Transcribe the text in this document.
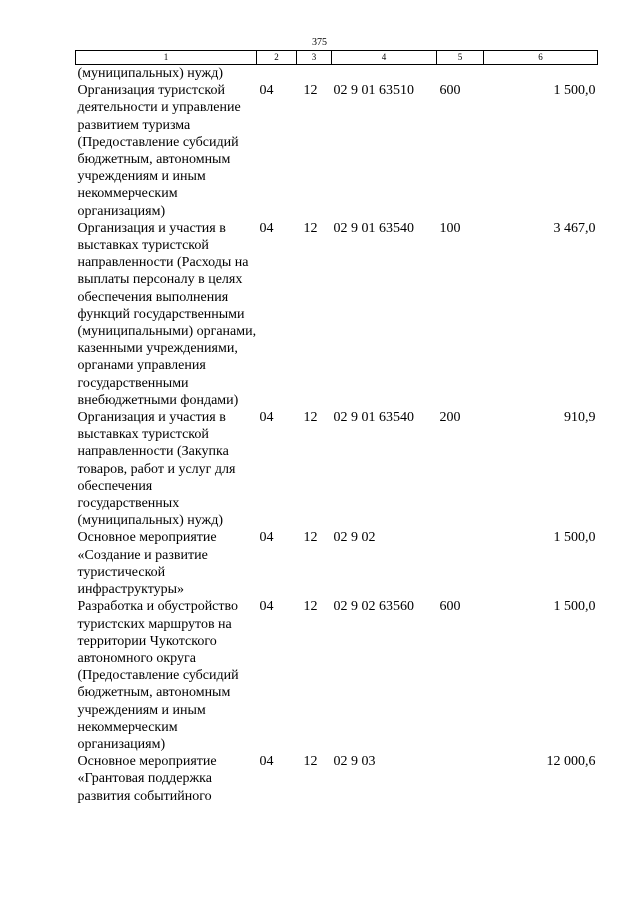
375
1	2	3	4	5	6
(муниципальных) нужд)					
Организация туристской деятельности и управление развитием туризма (Предоставление субсидий бюджетным, автономным учреждениям и иным некоммерческим организациям)	04	12	02 9 01 63510	600	1 500,0
Организация и участия в выставках туристской направленности (Расходы на выплаты персоналу в целях обеспечения выполнения функций государственными (муниципальными) органами, казенными учреждениями, органами управления государственными внебюджетными фондами)	04	12	02 9 01 63540	100	3 467,0
Организация и участия в выставках туристской направленности (Закупка товаров, работ и услуг для обеспечения государственных (муниципальных) нужд)	04	12	02 9 01 63540	200	910,9
Основное мероприятие «Создание и развитие туристической инфраструктуры»	04	12	02 9 02		1 500,0
Разработка и обустройство туристских маршрутов на территории Чукотского автономного округа (Предоставление субсидий бюджетным, автономным учреждениям и иным некоммерческим организациям)	04	12	02 9 02 63560	600	1 500,0
Основное мероприятие «Грантовая поддержка развития событийного	04	12	02 9 03		12 000,6
